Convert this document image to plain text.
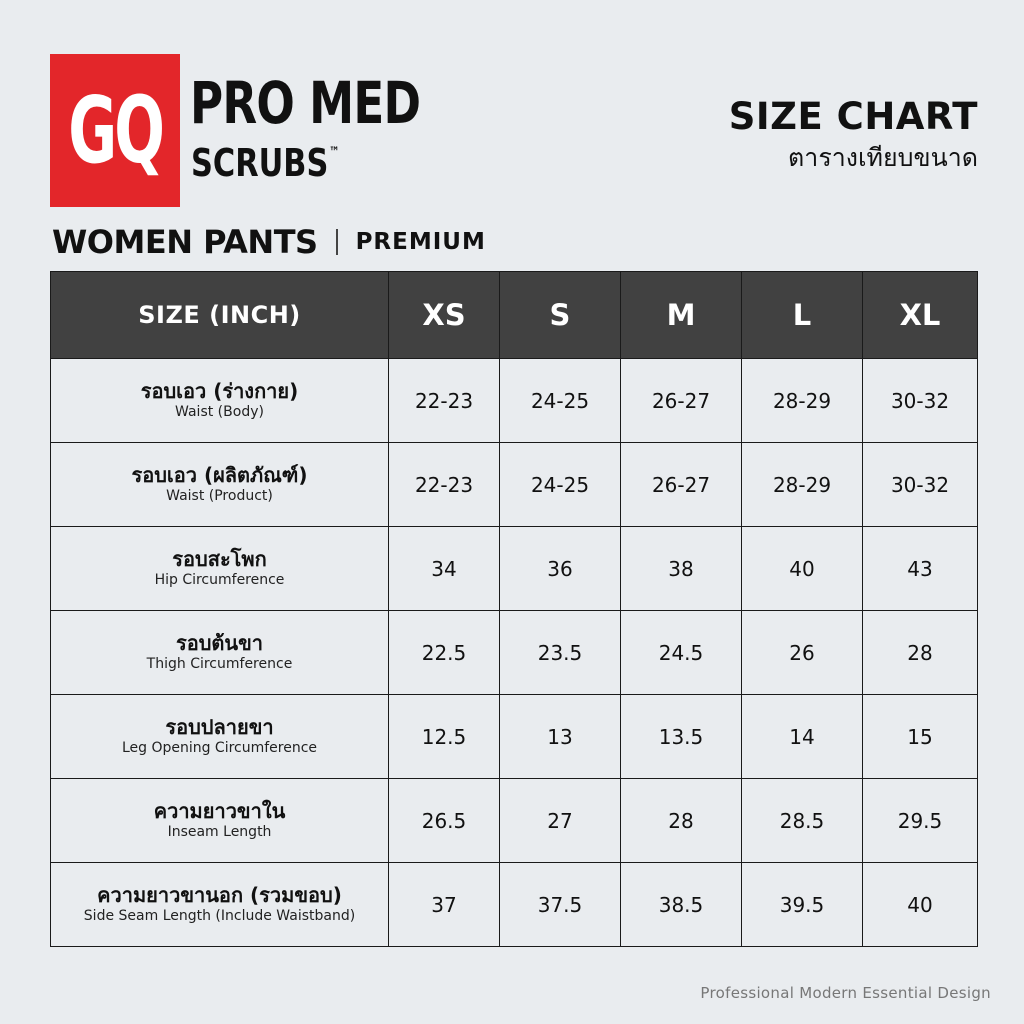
GQ PRO MED
SCRUBS™
SIZE CHART
ตารางเทียบขนาด
WOMEN PANTS PREMIUM
SIZE (INCH)	XS	S	M	L	XL

รอบเอว (ร่างกาย)
Waist (Body)	22-23	24-25	26-27	28-29	30-32

รอบเอว (ผลิตภัณฑ์)
Waist (Product)	22-23	24-25	26-27	28-29	30-32

รอบสะโพก
Hip Circumference	34	36	38	40	43

รอบต้นขา
Thigh Circumference	22.5	23.5	24.5	26	28

รอบปลายขา
Leg Opening Circumference	12.5	13	13.5	14	15

ความยาวขาใน
Inseam Length	26.5	27	28	28.5	29.5

ความยาวขานอก (รวมขอบ)
Side Seam Length (Include Waistband)	37	37.5	38.5	39.5	40
Professional Modern Essential Design
